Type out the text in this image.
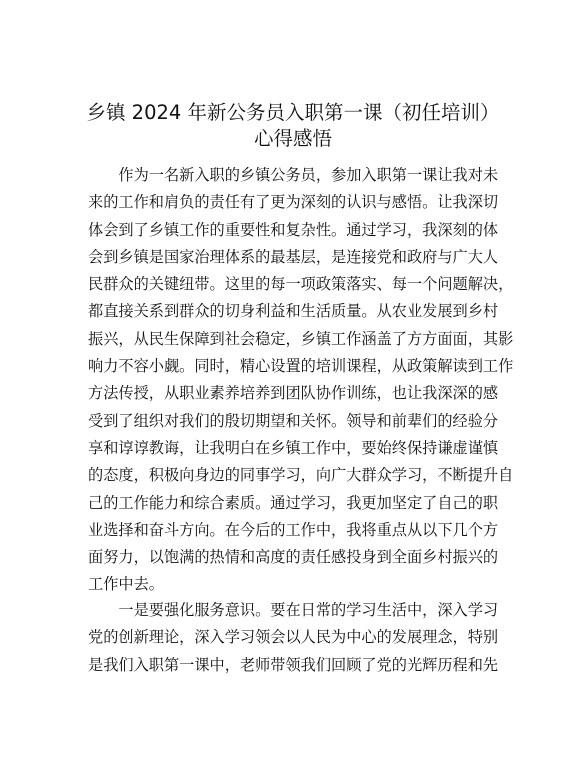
乡镇 2024 年新公务员入职第一课（初任培训）
心得感悟
　　作为一名新入职的乡镇公务员，参加入职第一课让我对未
来的工作和肩负的责任有了更为深刻的认识与感悟。让我深切
体会到了乡镇工作的重要性和复杂性。通过学习，我深刻的体
会到乡镇是国家治理体系的最基层，是连接党和政府与广大人
民群众的关键纽带。这里的每一项政策落实、每一个问题解决，
都直接关系到群众的切身利益和生活质量。从农业发展到乡村
振兴，从民生保障到社会稳定，乡镇工作涵盖了方方面面，其影
响力不容小觑。同时，精心设置的培训课程，从政策解读到工作
方法传授，从职业素养培养到团队协作训练，也让我深深的感
受到了组织对我们的殷切期望和关怀。领导和前辈们的经验分
享和谆谆教诲，让我明白在乡镇工作中，要始终保持谦虚谨慎
的态度，积极向身边的同事学习，向广大群众学习，不断提升自
己的工作能力和综合素质。通过学习，我更加坚定了自己的职
业选择和奋斗方向。在今后的工作中，我将重点从以下几个方
面努力，以饱满的热情和高度的责任感投身到全面乡村振兴的
工作中去。
　　一是要强化服务意识。要在日常的学习生活中，深入学习
党的创新理论，深入学习领会以人民为中心的发展理念，特别
是我们入职第一课中，老师带领我们回顾了党的光辉历程和先
